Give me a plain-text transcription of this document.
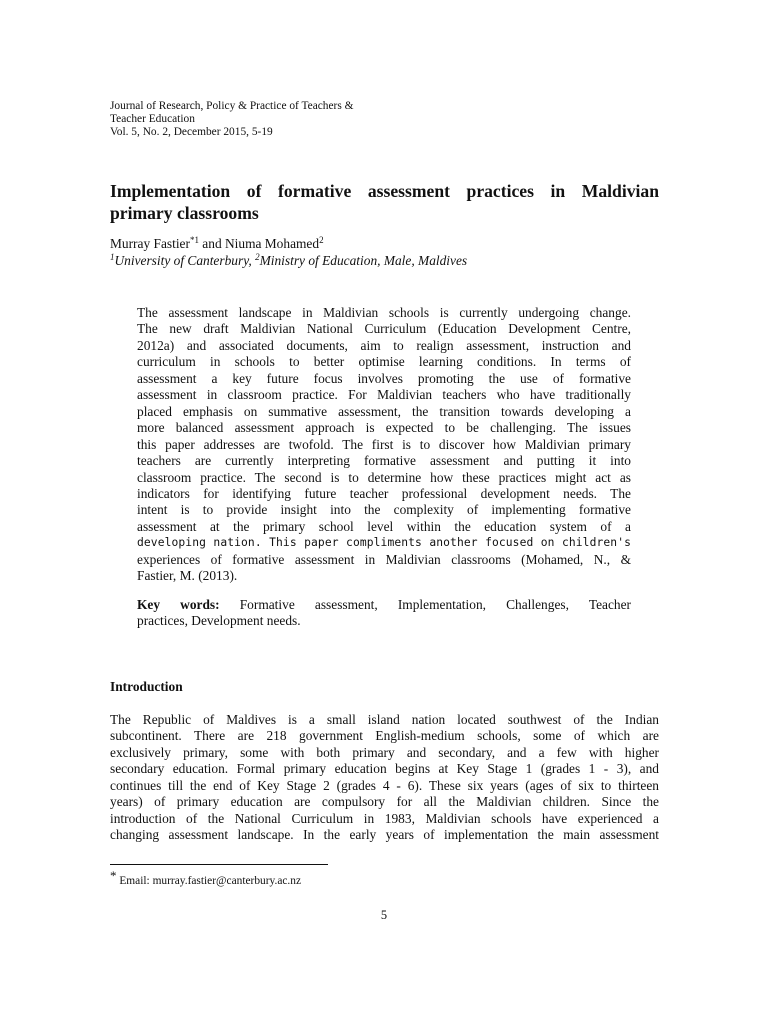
Journal of Research, Policy & Practice of Teachers &
Teacher Education
Vol. 5, No. 2, December 2015, 5-19
Implementation of formative assessment practices in Maldivian
primary classrooms
Murray Fastier$^{*1}$ and Niuma Mohamed$^2$
$^1$University of Canterbury, $^2$Ministry of Education, Male, Maldives
The assessment landscape in Maldivian schools is currently undergoing change.
The new draft Maldivian National Curriculum (Education Development Centre,
2012a) and associated documents, aim to realign assessment, instruction and
curriculum in schools to better optimise learning conditions. In terms of
assessment a key future focus involves promoting the use of formative
assessment in classroom practice. For Maldivian teachers who have traditionally
placed emphasis on summative assessment, the transition towards developing a
more balanced assessment approach is expected to be challenging. The issues
this paper addresses are twofold. The first is to discover how Maldivian primary
teachers are currently interpreting formative assessment and putting it into
classroom practice. The second is to determine how these practices might act as
indicators for identifying future teacher professional development needs. The
intent is to provide insight into the complexity of implementing formative
assessment at the primary school level within the education system of a
developing nation. This paper compliments another focused on children's
experiences of formative assessment in Maldivian classrooms (Mohamed, N., &
Fastier, M. (2013).
Key words: Formative assessment, Implementation, Challenges, Teacher
practices, Development needs.
Introduction
The Republic of Maldives is a small island nation located southwest of the Indian
subcontinent. There are 218 government English-medium schools, some of which are
exclusively primary, some with both primary and secondary, and a few with higher
secondary education. Formal primary education begins at Key Stage 1 (grades 1 - 3), and
continues till the end of Key Stage 2 (grades 4 - 6). These six years (ages of six to thirteen
years) of primary education are compulsory for all the Maldivian children. Since the
introduction of the National Curriculum in 1983, Maldivian schools have experienced a
changing assessment landscape. In the early years of implementation the main assessment
* Email: murray.fastier@canterbury.ac.nz
5
